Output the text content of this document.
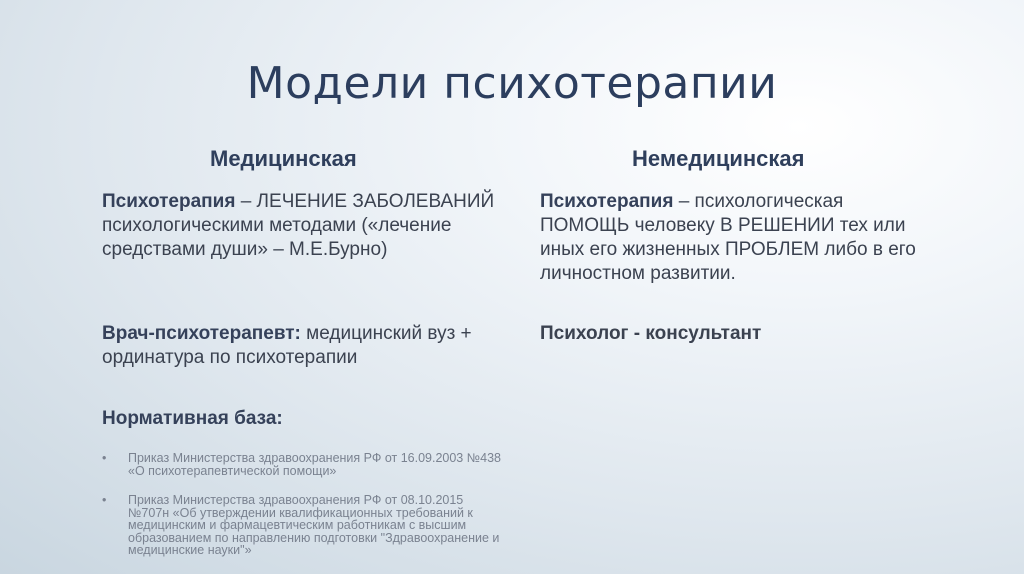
Модели психотерапии
Медицинская

Психотерапия – ЛЕЧЕНИЕ ЗАБОЛЕВАНИЙ психологическими методами («лечение средствами души» – М.Е.Бурно)

Врач-психотерапевт: медицинский вуз + ординатура по психотерапии

Нормативная база:
• Приказ Министерства здравоохранения РФ от 16.09.2003 №438 «О психотерапевтической помощи»
• Приказ Министерства здравоохранения РФ от 08.10.2015 №707н «Об утверждении квалификационных требований к медицинским и фармацевтическим работникам с высшим образованием по направлению подготовки "Здравоохранение и медицинские науки"»
Немедицинская

Психотерапия – психологическая ПОМОЩЬ человеку В РЕШЕНИИ тех или иных его жизненных ПРОБЛЕМ либо в его личностном развитии.

Психолог - консультант
